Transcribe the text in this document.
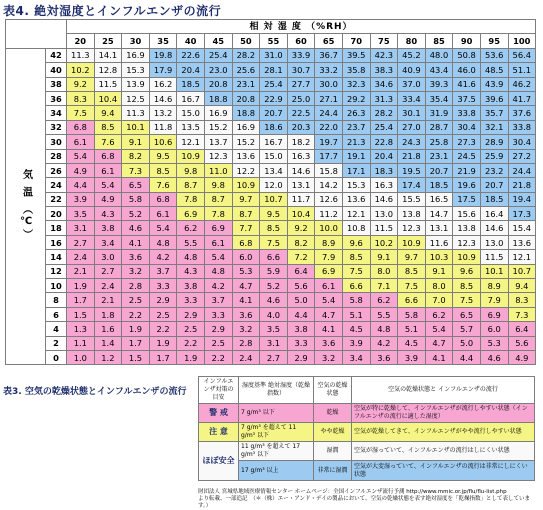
表4. 絶対湿度とインフルエンザの流行
		相 対 湿 度 （%RH）																
		20	25	30	35	40	45	50	55	60	65	70	75	80	85	90	95	100
気 温 （℃）	42	11.3	14.1	16.9	19.8	22.6	25.4	28.2	31.0	33.9	36.7	39.5	42.3	45.2	48.0	50.8	53.6	56.4
	40	10.2	12.8	15.3	17.9	20.4	23.0	25.6	28.1	30.7	33.2	35.8	38.3	40.9	43.4	46.0	48.5	51.1
	38	9.2	11.5	13.9	16.2	18.5	20.8	23.1	25.4	27.7	30.0	32.3	34.6	37.0	39.3	41.6	43.9	46.2
	36	8.3	10.4	12.5	14.6	16.7	18.8	20.8	22.9	25.0	27.1	29.2	31.3	33.4	35.4	37.5	39.6	41.7
	34	7.5	9.4	11.3	13.2	15.0	16.9	18.8	20.7	22.5	24.4	26.3	28.2	30.1	31.9	33.8	35.7	37.6
	32	6.8	8.5	10.1	11.8	13.5	15.2	16.9	18.6	20.3	22.0	23.7	25.4	27.0	28.7	30.4	32.1	33.8
	30	6.1	7.6	9.1	10.6	12.1	13.7	15.2	16.7	18.2	19.7	21.3	22.8	24.3	25.8	27.3	28.9	30.4
	28	5.4	6.8	8.2	9.5	10.9	12.3	13.6	15.0	16.3	17.7	19.1	20.4	21.8	23.1	24.5	25.9	27.2
	26	4.9	6.1	7.3	8.5	9.8	11.0	12.2	13.4	14.6	15.8	17.1	18.3	19.5	20.7	21.9	23.2	24.4
	24	4.4	5.4	6.5	7.6	8.7	9.8	10.9	12.0	13.1	14.2	15.3	16.3	17.4	18.5	19.6	20.7	21.8
	22	3.9	4.9	5.8	6.8	7.8	8.7	9.7	10.7	11.7	12.6	13.6	14.6	15.5	16.5	17.5	18.5	19.4
	20	3.5	4.3	5.2	6.1	6.9	7.8	8.7	9.5	10.4	11.2	12.1	13.0	13.8	14.7	15.6	16.4	17.3
	18	3.1	3.8	4.6	5.4	6.2	6.9	7.7	8.5	9.2	10.0	10.8	11.5	12.3	13.1	13.8	14.6	15.4
	16	2.7	3.4	4.1	4.8	5.5	6.1	6.8	7.5	8.2	8.9	9.6	10.2	10.9	11.6	12.3	13.0	13.6
	14	2.4	3.0	3.6	4.2	4.8	5.4	6.0	6.6	7.2	7.9	8.5	9.1	9.7	10.3	10.9	11.5	12.1
	12	2.1	2.7	3.2	3.7	4.3	4.8	5.3	5.9	6.4	6.9	7.5	8.0	8.5	9.1	9.6	10.1	10.7
	10	1.9	2.4	2.8	3.3	3.8	4.2	4.7	5.2	5.6	6.1	6.6	7.1	7.5	8.0	8.5	8.9	9.4
	8	1.7	2.1	2.5	2.9	3.3	3.7	4.1	4.6	5.0	5.4	5.8	6.2	6.6	7.0	7.5	7.9	8.3
	6	1.5	1.8	2.2	2.5	2.9	3.3	3.6	4.0	4.4	4.7	5.1	5.5	5.8	6.2	6.5	6.9	7.3
	4	1.3	1.6	1.9	2.2	2.5	2.9	3.2	3.5	3.8	4.1	4.5	4.8	5.1	5.4	5.7	6.0	6.4
	2	1.1	1.4	1.7	1.9	2.2	2.5	2.8	3.1	3.3	3.6	3.9	4.2	4.5	4.7	5.0	5.3	5.6
	0	1.0	1.2	1.5	1.7	1.9	2.2	2.4	2.7	2.9	3.2	3.4	3.6	3.9	4.1	4.4	4.6	4.9
表3. 空気の乾燥状態とインフルエンザの流行
インフルエンザ対策の 目安	湿度基準 絶対湿度（乾燥指数）	空気の乾燥状態	空気の乾燥状態と インフルエンザの流行
警 戒	7 g/m³ 以下	乾燥	空気が特に乾燥して、インフルエンザが流行しやすい状態（インフルエンザの流行に適した湿度）
注 意	7 g/m³ を超えて 11 g/m³ 以下	やや乾燥	空気が乾燥してきて、インフルエンザがやや流行しやすい状態
ほぼ安全	11 g/m³ を超えて 17 g/m³ 以下	湿潤	空気が湿っていて、インフルエンザの流行はしにくい状態
	17 g/m³ 以上	非常に湿潤	空気が大変湿っていて、インフルエンザの流行は非常にしにくい状態
財団法人 宮城県地域医療情報センター ホームページ：全国インフルエンザ流行予測 http://www.mmic.or.jp/flu/flu-list.php
より転載、一部追記　（＊（株）エー・アンド・デイの製品において、空気の乾燥状態を表す絶対湿度を「乾燥指数」として表しています。）
